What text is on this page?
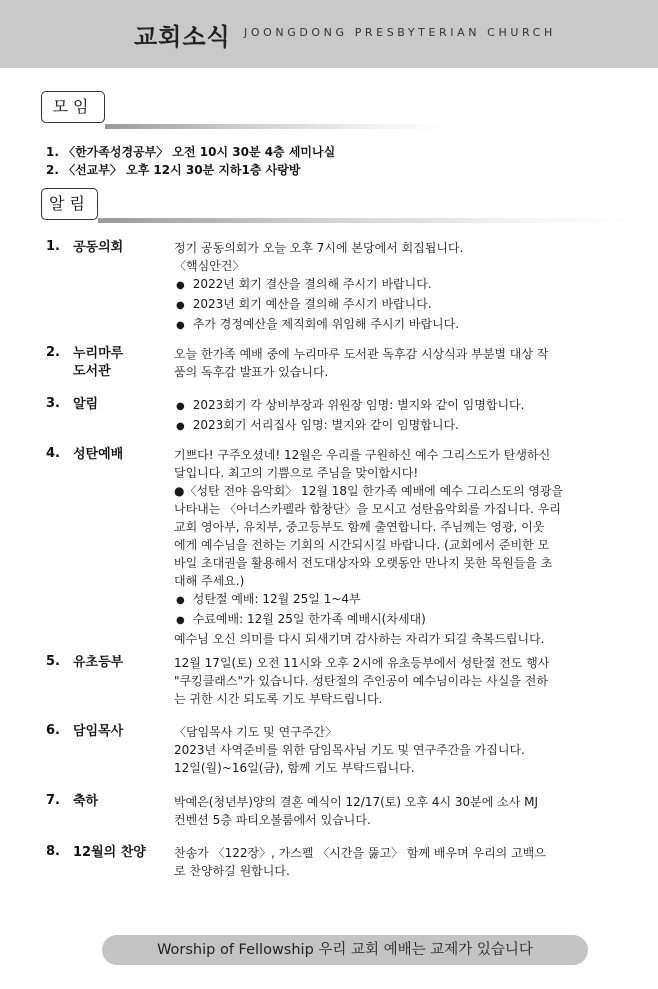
교회소식 JOONGDONG PRESBYTERIAN CHURCH
모임
1. 〈한가족성경공부〉 오전 10시 30분 4층 세미나실
2. 〈선교부〉 오후 12시 30분 지하1층 사랑방
알림
1.	공동의회	정기 공동의회가 오늘 오후 7시에 본당에서 회집됩니다.
〈핵심안건〉
● 2022년 회기 결산을 결의해 주시기 바랍니다.
● 2023년 회기 예산을 결의해 주시기 바랍니다.
● 추가 경정예산을 제직회에 위임해 주시기 바랍니다.
2.	누리마루
도서관
오늘 한가족 예배 중에 누리마루 도서관 독후감 시상식과 부분별 대상 작
품의 독후감 발표가 있습니다.
3.	알림
●	2023회기 각 상비부장과 위원장 임명: 별지와 같이 임명합니다.
● 2023회기 서리집사 임명: 별지와 같이 임명합니다.
4.	성탄예배	기쁘다! 구주오셨네! 12월은 우리를 구원하신 예수 그리스도가 탄생하신
달입니다. 최고의 기쁨으로 주님을 맞이합시다!
●〈성탄 전야 음악회〉 12월 18일 한가족 예배에 예수 그리스도의 영광을
나타내는 〈아너스카펠라 합창단〉을 모시고 성탄음악회를 가집니다. 우리
교회 영아부, 유치부, 중고등부도 함께 출연합니다. 주님께는 영광, 이웃
에게 예수님을 전하는 기회의 시간되시길 바랍니다. (교회에서 준비한 모
바일 초대권을 활용해서 전도대상자와 오랫동안 만나지 못한 목원들을 초
대해 주세요.)
● 성탄절 예배: 12월 25일 1~4부
● 수료예배: 12월 25일 한가족 예배시(차세대)
예수님 오신 의미를 다시 되새기며 감사하는 자리가 되길 축복드립니다.
5.	유초등부	12월 17일(토) 오전 11시와 오후 2시에 유초등부에서 성탄절 전도 행사
"쿠킹클래스"가 있습니다. 성탄절의 주인공이 예수님이라는 사실을 전하
는 귀한 시간 되도록 기도 부탁드립니다.
6.	담임목사	〈담임목사 기도 및 연구주간〉
2023년 사역준비를 위한 담임목사님 기도 및 연구주간을 가집니다.
12일(월)~16일(금), 함께 기도 부탁드립니다.
7.	축하	박예은(청년부)양의 결혼 예식이 12/17(토) 오후 4시 30분에 소사 MJ
컨벤션 5층 파티오볼룸에서 있습니다.
8.	12월의 찬양	찬송가 〈122장〉, 가스펠 〈시간을 뚫고〉 함께 배우며 우리의 고백으
로 찬양하길 원합니다.
Worship of Fellowship 우리 교회 예배는 교제가 있습니다
